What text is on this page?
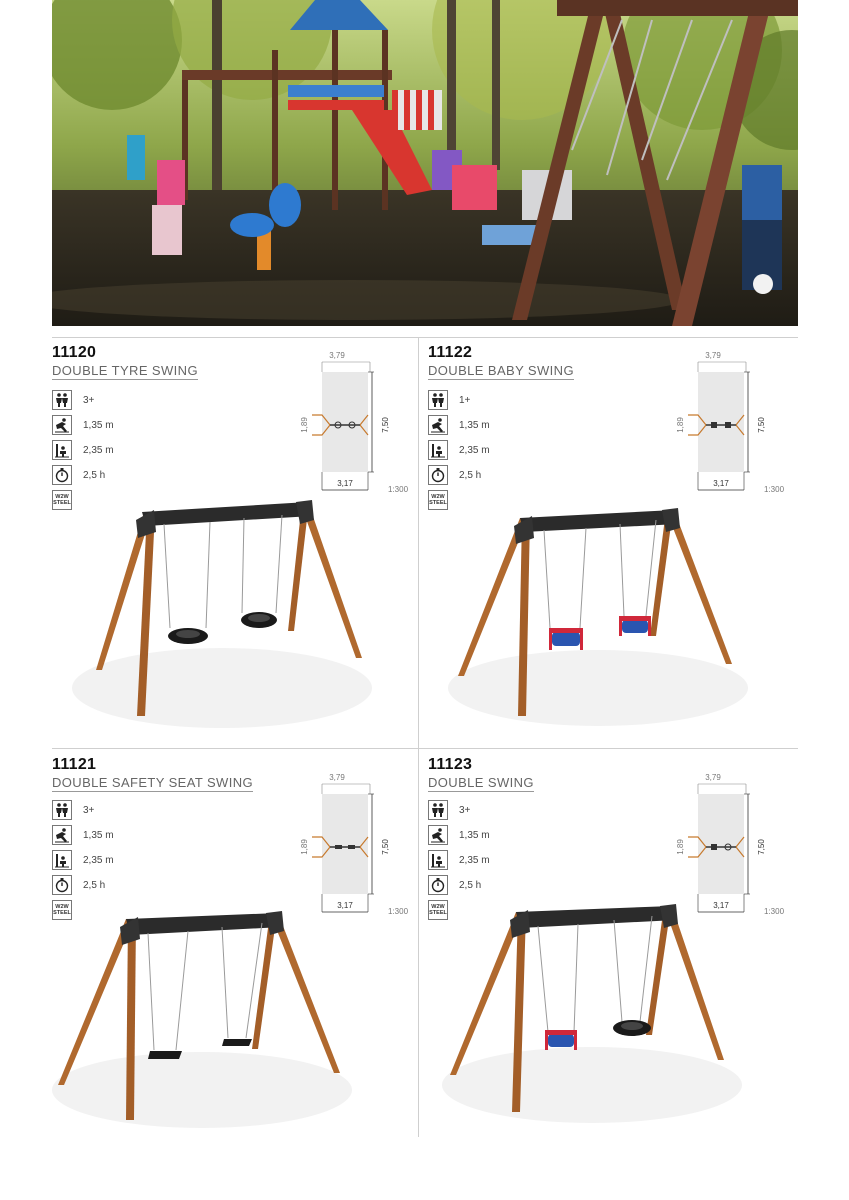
11120
DOUBLE TYRE SWING
3+
1,35 m
2,35 m
2,5 h
W2W
STEEL
3,79
1,89	7,50
3,17
1:300
11122
DOUBLE BABY SWING
1+
1,35 m
2,35 m
2,5 h
W2W
STEEL
3,79
1,89	7,50
3,17
1:300
11121
DOUBLE SAFETY SEAT SWING
3+
1,35 m
2,35 m
2,5 h
W2W
STEEL
3,79
1,89	7,50
3,17
1:300
11123
DOUBLE SWING
3+
1,35 m
2,35 m
2,5 h
W2W
STEEL
3,79
1,89	7,50
3,17
1:300
